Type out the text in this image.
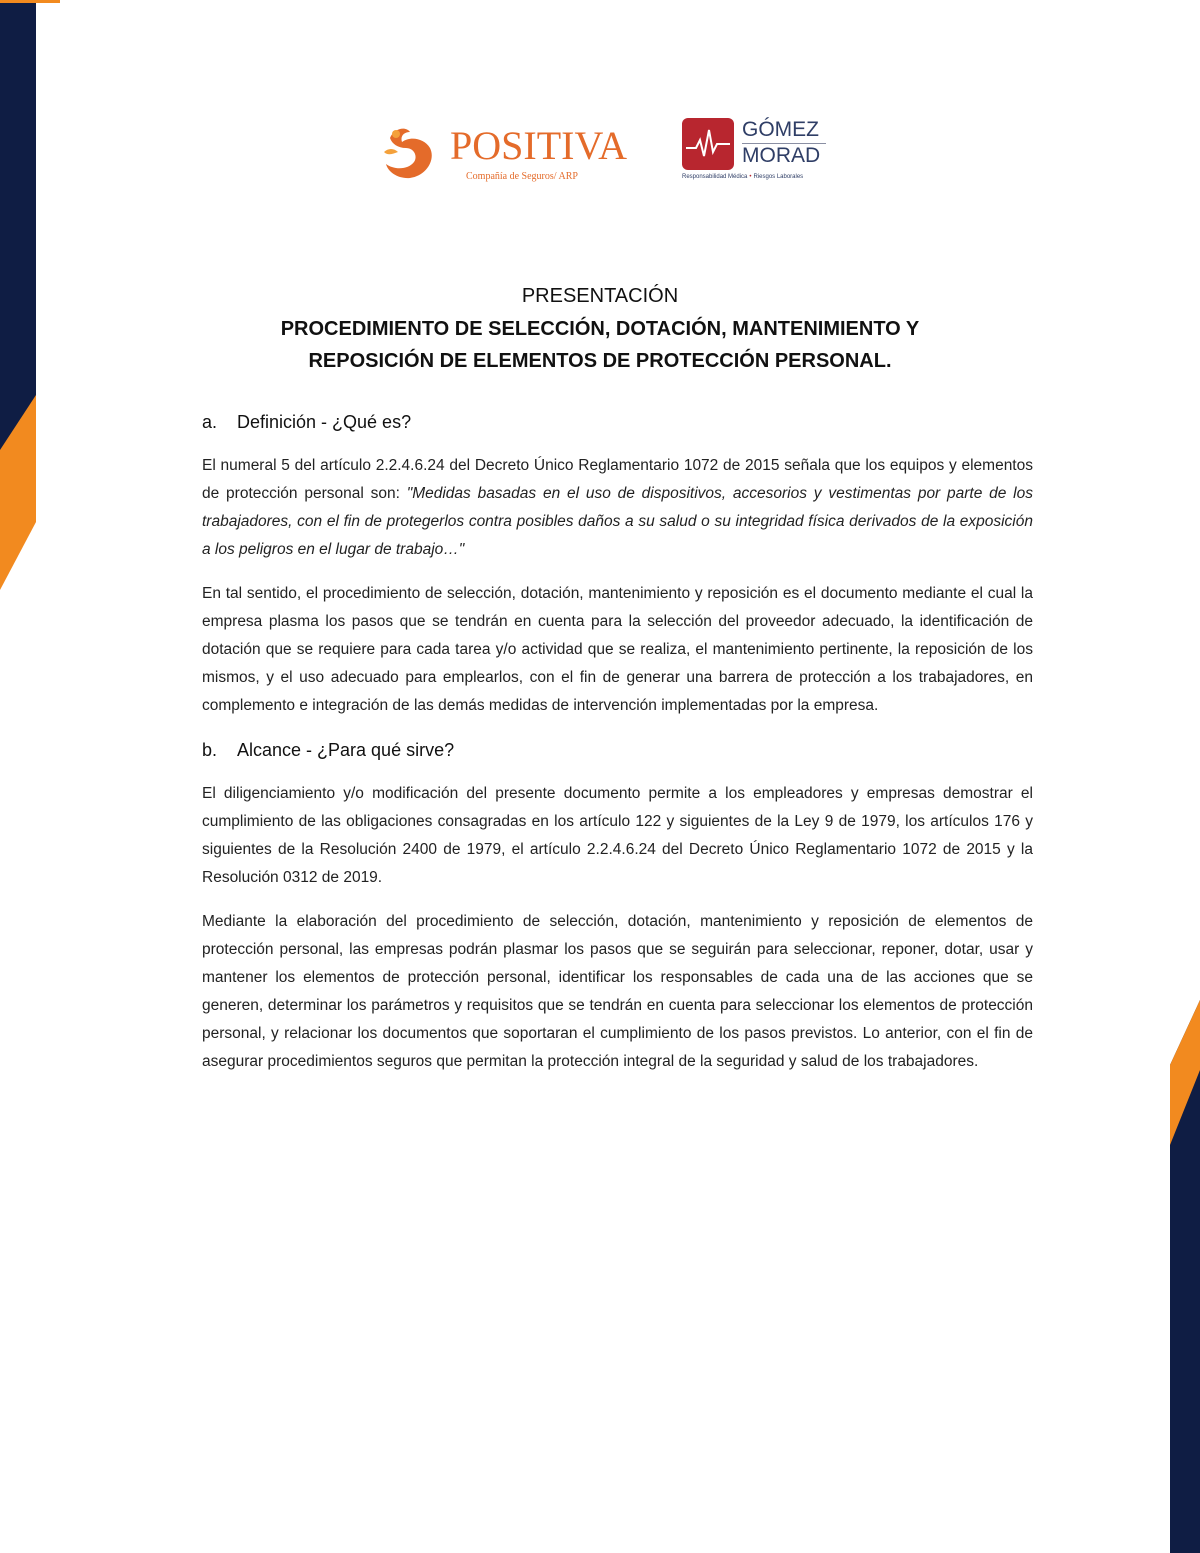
POSITIVA
Compañía de Seguros/ ARP
GÓMEZ
MORAD
Responsabilidad Médica • Riesgos Laborales
PRESENTACIÓN
PROCEDIMIENTO DE SELECCIÓN, DOTACIÓN, MANTENIMIENTO Y
REPOSICIÓN DE ELEMENTOS DE PROTECCIÓN PERSONAL.
a. Definición - ¿Qué es?

El numeral 5 del artículo 2.2.4.6.24 del Decreto Único Reglamentario 1072 de 2015 señala que los equipos y elementos de protección personal son: "Medidas basadas en el uso de dispositivos, accesorios y vestimentas por parte de los trabajadores, con el fin de protegerlos contra posibles daños a su salud o su integridad física derivados de la exposición a los peligros en el lugar de trabajo…"

En tal sentido, el procedimiento de selección, dotación, mantenimiento y reposición es el documento mediante el cual la empresa plasma los pasos que se tendrán en cuenta para la selección del proveedor adecuado, la identificación de dotación que se requiere para cada tarea y/o actividad que se realiza, el mantenimiento pertinente, la reposición de los mismos, y el uso adecuado para emplearlos, con el fin de generar una barrera de protección a los trabajadores, en complemento e integración de las demás medidas de intervención implementadas por la empresa.

b. Alcance - ¿Para qué sirve?

El diligenciamiento y/o modificación del presente documento permite a los empleadores y empresas demostrar el cumplimiento de las obligaciones consagradas en los artículo 122 y siguientes de la Ley 9 de 1979, los artículos 176 y siguientes de la Resolución 2400 de 1979, el artículo 2.2.4.6.24 del Decreto Único Reglamentario 1072 de 2015 y la Resolución 0312 de 2019.

Mediante la elaboración del procedimiento de selección, dotación, mantenimiento y reposición de elementos de protección personal, las empresas podrán plasmar los pasos que se seguirán para seleccionar, reponer, dotar, usar y mantener los elementos de protección personal, identificar los responsables de cada una de las acciones que se generen, determinar los parámetros y requisitos que se tendrán en cuenta para seleccionar los elementos de protección personal, y relacionar los documentos que soportaran el cumplimiento de los pasos previstos. Lo anterior, con el fin de asegurar procedimientos seguros que permitan la protección integral de la seguridad y salud de los trabajadores.
